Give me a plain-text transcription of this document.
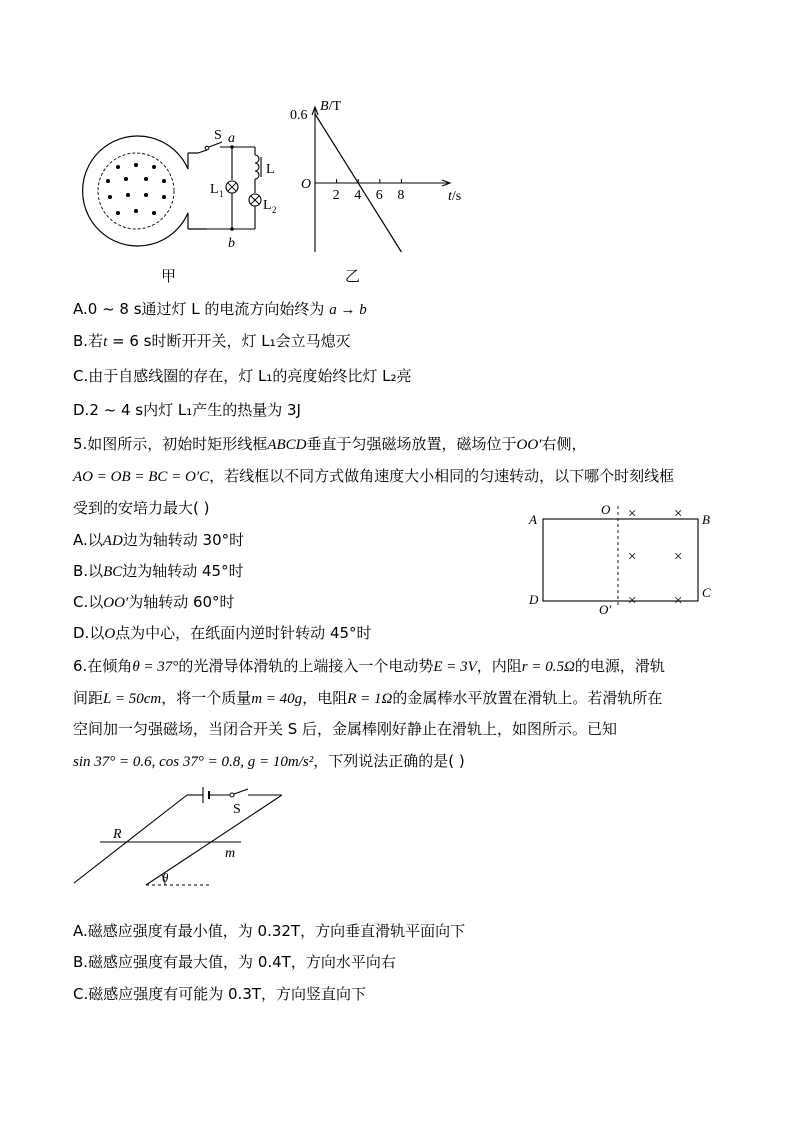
S a
L 1
L
L 2
b
甲
B/T
t/s
O
2 4 6 8
0.6
乙
A.0 ~ 8 s通过灯 L 的电流方向始终为 a → b
B.若t = 6 s时断开开关，灯 L₁会立马熄灭
C.由于自感线圈的存在，灯 L₁的亮度始终比灯 L₂亮
D.2 ~ 4 s内灯 L₁产生的热量为 3J
5.如图所示，初始时矩形线框ABCD垂直于匀强磁场放置，磁场位于OO′右侧，
AO = OB = BC = O′C，若线框以不同方式做角速度大小相同的匀速转动，以下哪个时刻线框
受到的安培力最大( )
A.以AD边为轴转动 30°时
B.以BC边为轴转动 45°时
C.以OO′为轴转动 60°时
D.以O点为中心，在纸面内逆时针转动 45°时
A	B
C
D
O
O′
×	×
×	×
×	×
6.在倾角θ = 37°的光滑导体滑轨的上端接入一个电动势E = 3V，内阻r = 0.5Ω的电源，滑轨
间距L = 50cm，将一个质量m = 40g，电阻R = 1Ω的金属棒水平放置在滑轨上。若滑轨所在
空间加一匀强磁场，当闭合开关 S 后，金属棒刚好静止在滑轨上，如图所示。已知
sin 37° = 0.6, cos 37° = 0.8, g = 10m/s²，下列说法正确的是( )
S
R
m
θ
A.磁感应强度有最小值，为 0.32T，方向垂直滑轨平面向下
B.磁感应强度有最大值，为 0.4T，方向水平向右
C.磁感应强度有可能为 0.3T，方向竖直向下
